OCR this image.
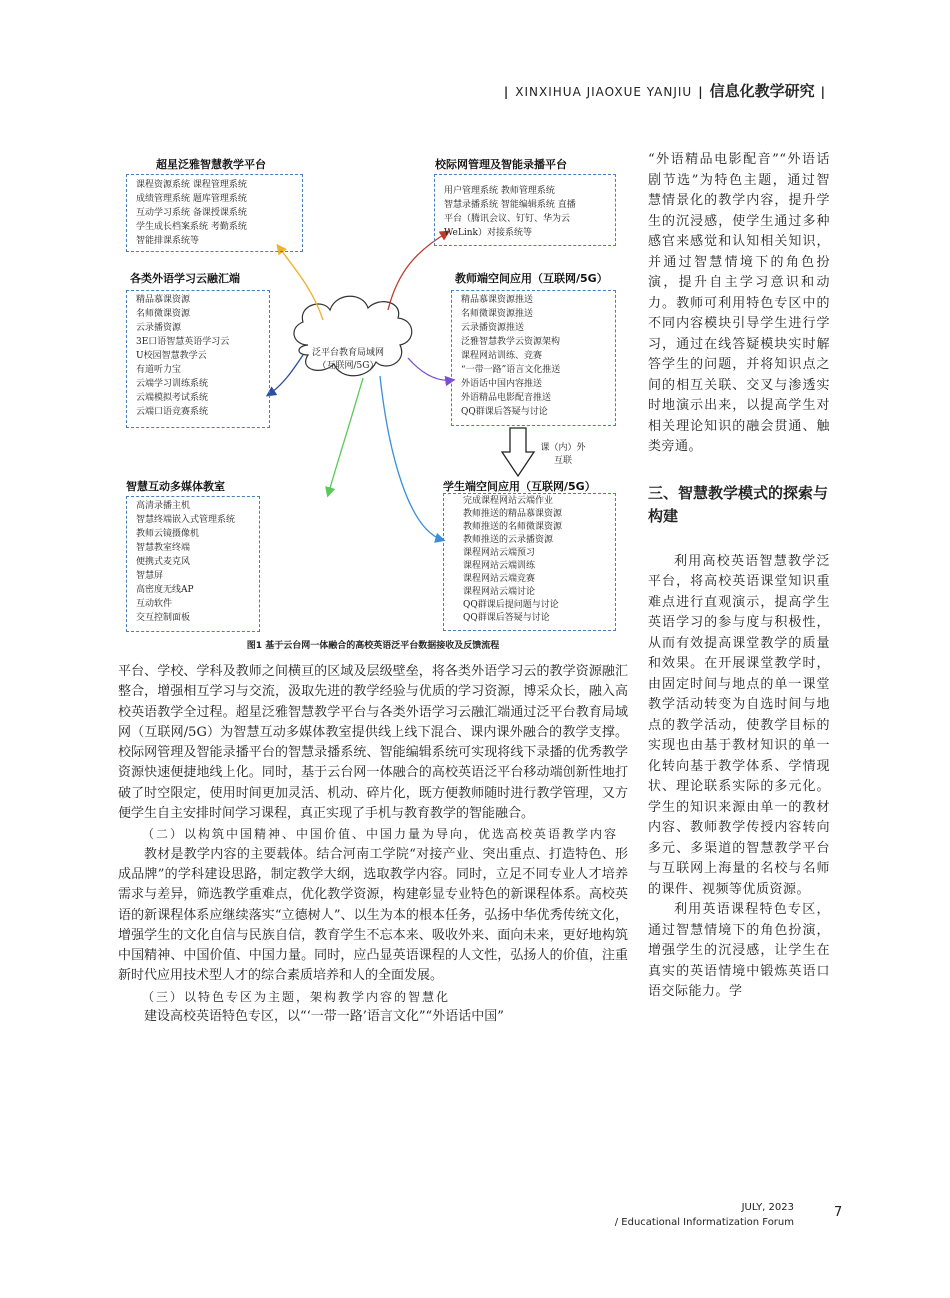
| XINXIHUA JIAOXUE YANJIU | 信息化教学研究 |
泛平台教育局域网
（互联网/5G）
课（内）外
互联
超星泛雅智慧教学平台
课程资源系统 课程管理系统
成绩管理系统 题库管理系统
互动学习系统 备课授课系统
学生成长档案系统 考勤系统
智能排课系统等
校际网管理及智能录播平台
用户管理系统 教师管理系统
智慧录播系统 智能编辑系统 直播
平台（腾讯会议、钉钉、华为云
WeLink）对接系统等
各类外语学习云融汇端
精品慕课资源
名师微课资源
云录播资源
3E口语智慧英语学习云
U校园智慧教学云
有道听力宝
云端学习训练系统
云端模拟考试系统
云端口语竞赛系统
教师端空间应用（互联网/5G）
精品慕课资源推送
名师微课资源推送
云录播资源推送
泛雅智慧教学云资源架构
课程网站训练、竞赛
“一带一路”语言文化推送
外语话中国内容推送
外语精品电影配音推送
QQ群课后答疑与讨论
智慧互动多媒体教室
高清录播主机
智慧终端嵌入式管理系统
教师云镜摄像机
智慧教室终端
便携式麦克风
智慧屏
高密度无线AP
互动软件
交互控制面板
学生端空间应用（互联网/5G）
完成课程网站云端作业
教师推送的精品慕课资源
教师推送的名师微课资源
教师推送的云录播资源
课程网站云端预习
课程网站云端训练
课程网站云端竞赛
课程网站云端讨论
QQ群课后提问题与讨论
QQ群课后答疑与讨论
图1 基于云台网一体融合的高校英语泛平台数据接收及反馈流程

平台、学校、学科及教师之间横亘的区域及层级壁垒，将各类外语学习云的教学资源融汇整合，增强相互学习与交流，汲取先进的教学经验与优质的学习资源，博采众长，融入高校英语教学全过程。超星泛雅智慧教学平台与各类外语学习云融汇端通过泛平台教育局域网（互联网/5G）为智慧互动多媒体教室提供线上线下混合、课内课外融合的教学支撑。校际网管理及智能录播平台的智慧录播系统、智能编辑系统可实现将线下录播的优秀教学资源快速便捷地线上化。同时，基于云台网一体融合的高校英语泛平台移动端创新性地打破了时空限定，使用时间更加灵活、机动、碎片化，既方便教师随时进行教学管理，又方便学生自主安排时间学习课程，真正实现了手机与教育教学的智能融合。

（二）以构筑中国精神、中国价值、中国力量为导向，优选高校英语教学内容

教材是教学内容的主要载体。结合河南工学院“对接产业、突出重点、打造特色、形成品牌”的学科建设思路，制定教学大纲，选取教学内容。同时，立足不同专业人才培养需求与差异，筛选教学重难点，优化教学资源，构建彰显专业特色的新课程体系。高校英语的新课程体系应继续落实“立德树人”、以生为本的根本任务，弘扬中华优秀传统文化，增强学生的文化自信与民族自信，教育学生不忘本来、吸收外来、面向未来，更好地构筑中国精神、中国价值、中国力量。同时，应凸显英语课程的人文性，弘扬人的价值，注重新时代应用技术型人才的综合素质培养和人的全面发展。

（三）以特色专区为主题，架构教学内容的智慧化

建设高校英语特色专区，以“‘一带一路’语言文化”“外语话中国”

“外语精品电影配音”“外语话剧节选”为特色主题，通过智慧情景化的教学内容，提升学生的沉浸感，使学生通过多种感官来感觉和认知相关知识，并通过智慧情境下的角色扮演，提升自主学习意识和动力。教师可利用特色专区中的不同内容模块引导学生进行学习，通过在线答疑模块实时解答学生的问题，并将知识点之间的相互关联、交叉与渗透实时地演示出来，以提高学生对相关理论知识的融会贯通、触类旁通。
三、智慧教学模式的探索与构建
利用高校英语智慧教学泛平台，将高校英语课堂知识重难点进行直观演示，提高学生英语学习的参与度与积极性，从而有效提高课堂教学的质量和效果。在开展课堂教学时，由固定时间与地点的单一课堂教学活动转变为自选时间与地点的教学活动，使教学目标的实现也由基于教材知识的单一化转向基于教学体系、学情现状、理论联系实际的多元化。学生的知识来源由单一的教材内容、教师教学传授内容转向多元、多渠道的智慧教学平台与互联网上海量的名校与名师的课件、视频等优质资源。
利用英语课程特色专区，通过智慧情境下的角色扮演，增强学生的沉浸感，让学生在真实的英语情境中锻炼英语口语交际能力。学
JULY, 2023
/ Educational Informatization Forum
7
